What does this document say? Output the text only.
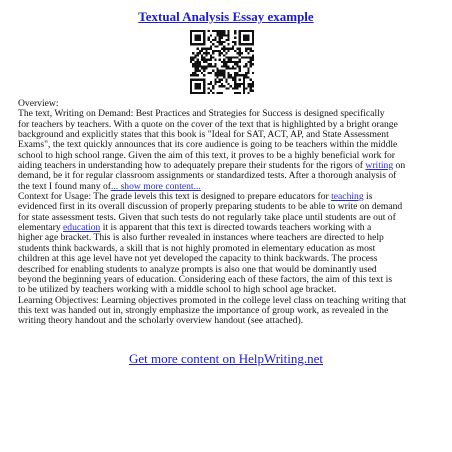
Textual Analysis Essay example

Overview:
The text, Writing on Demand: Best Practices and Strategies for Success is designed specifically
for teachers by teachers. With a quote on the cover of the text that is highlighted by a bright orange
background and explicitly states that this book is "Ideal for SAT, ACT, AP, and State Assessment
Exams", the text quickly announces that its core audience is going to be teachers within the middle
school to high school range. Given the aim of this text, it proves to be a highly beneficial work for
aiding teachers in understanding how to adequately prepare their students for the rigors of writing on
demand, be it for regular classroom assignments or standardized tests. After a thorough analysis of
the text I found many of... show more content...

Context for Usage: The grade levels this text is designed to prepare educators for teaching is
evidenced first in its overall discussion of properly preparing students to be able to write on demand
for state assessment tests. Given that such tests do not regularly take place until students are out of
elementary education it is apparent that this text is directed towards teachers working with a
higher age bracket. This is also further revealed in instances where teachers are directed to help
students think backwards, a skill that is not highly promoted in elementary education as most
children at this age level have not yet developed the capacity to think backwards. The process
described for enabling students to analyze prompts is also one that would be dominantly used
beyond the beginning years of education. Considering each of these factors, the aim of this text is
to be utilized by teachers working with a middle school to high school age bracket.

Learning Objectives: Learning objectives promoted in the college level class on teaching writing that
this text was handed out in, strongly emphasize the importance of group work, as revealed in the
writing theory handout and the scholarly overview handout (see attached).

Get more content on HelpWriting.net
